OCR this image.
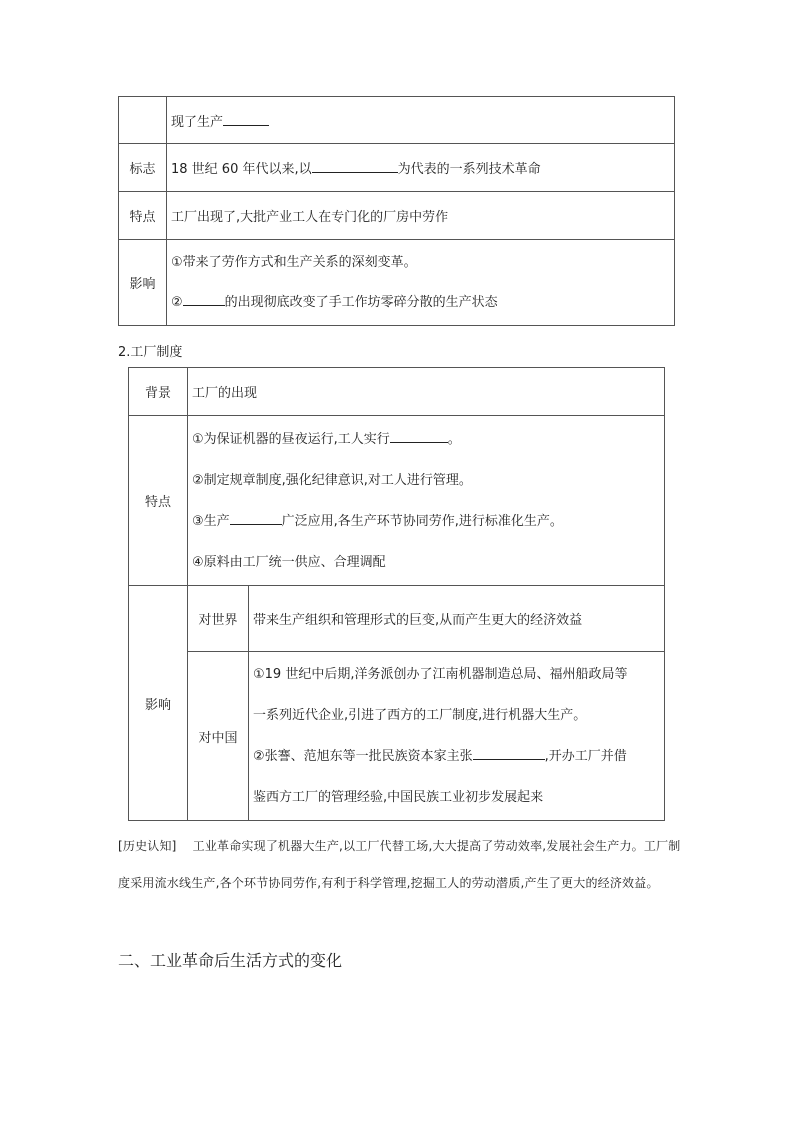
	现了生产
标志	18 世纪 60 年代以来,以 为代表的一系列技术革命
特点	工厂出现了,大批产业工人在专门化的厂房中劳作
影响	①带来了劳作方式和生产关系的深刻变革。
② 的出现彻底改变了手工作坊零碎分散的生产状态
2.工厂制度
背景	工厂的出现	
特点	①为保证机器的昼夜运行,工人实行 。
②制定规章制度,强化纪律意识,对工人进行管理。
③生产 广泛应用,各生产环节协同劳作,进行标准化生产。
④原料由工厂统一供应、合理调配	

影响	对世界	带来生产组织和管理形式的巨变,从而产生更大的经济效益
	对中国	①19 世纪中后期,洋务派创办了江南机器制造总局、福州船政局等
一系列近代企业,引进了西方的工厂制度,进行机器大生产。
②张謇、范旭东等一批民族资本家主张 ,开办工厂并借
鉴西方工厂的管理经验,中国民族工业初步发展起来
[历史认知] 工业革命实现了机器大生产,以工厂代替工场,大大提高了劳动效率,发展社会生产力。工厂制度采用流水线生产,各个环节协同劳作,有利于科学管理,挖掘工人的劳动潜质,产生了更大的经济效益。
二、工业革命后生活方式的变化
